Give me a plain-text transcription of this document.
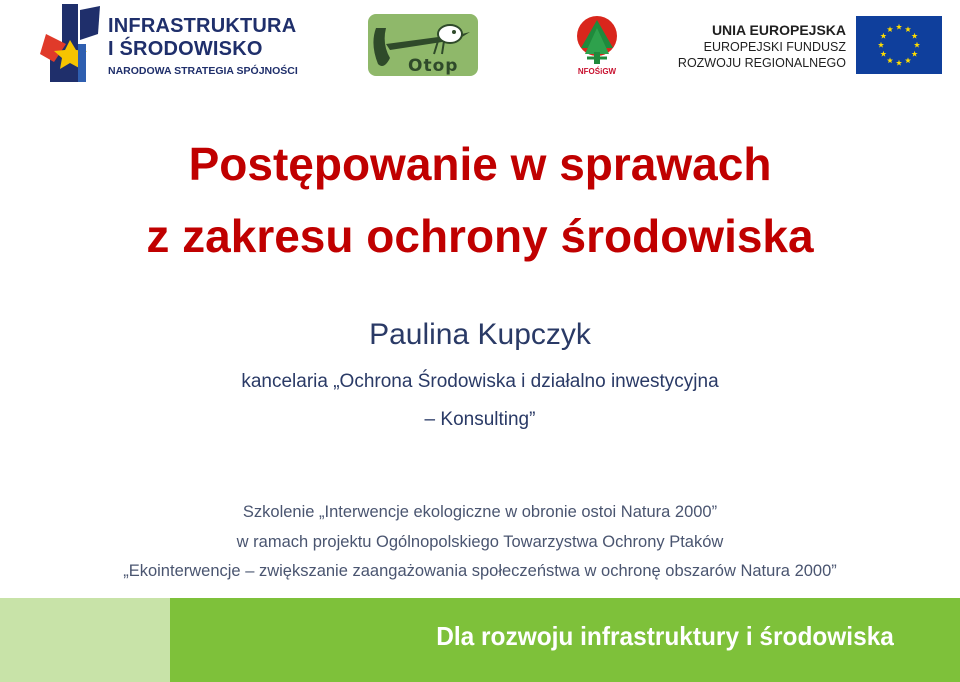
INFRASTRUKTURA
I ŚRODOWISKO
NARODOWA STRATEGIA SPÓJNOŚCI	Otop	NFOŚiGW
UNIA EUROPEJSKA
EUROPEJSKI FUNDUSZ
ROZWOJU REGIONALNEGO
Postępowanie w sprawach
z zakresu ochrony środowiska
Paulina Kupczyk
kancelaria „Ochrona Środowiska i działalno inwestycyjna
– Konsulting”
Szkolenie „Interwencje ekologiczne w obronie ostoi Natura 2000”
w ramach projektu Ogólnopolskiego Towarzystwa Ochrony Ptaków
„Ekointerwencje – zwiększanie zaangażowania społeczeństwa w ochronę obszarów Natura 2000”
Dla rozwoju infrastruktury i środowiska
